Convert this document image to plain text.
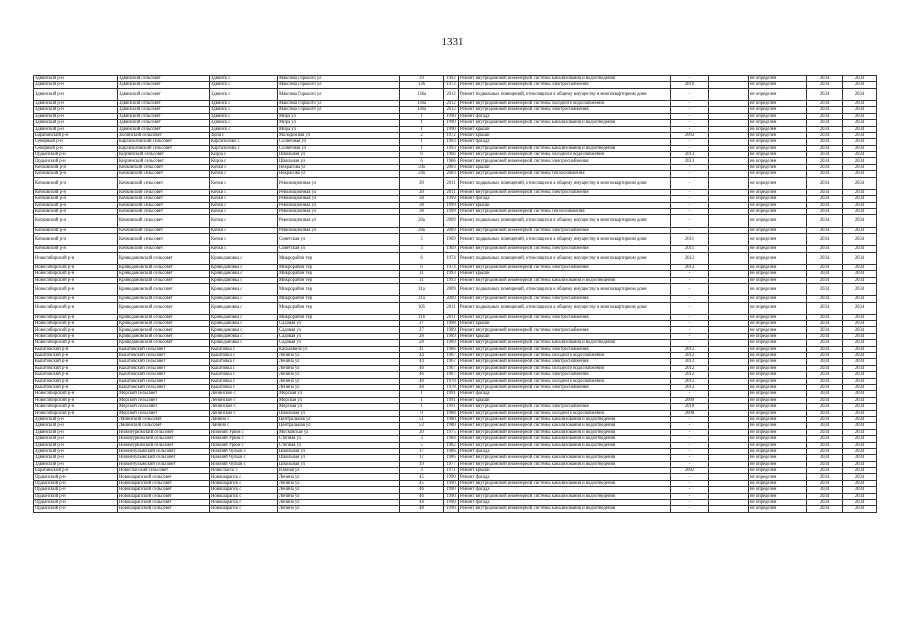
1331
Здвинский р-н	Здвинский сельсовет	Здвинск с	Максима Горького ул	39	1992	Ремонт внутридомовой инженерной системы канализования и водоотведения	-		не определен	2034	2034
Здвинский р-н	Здвинский сельсовет	Здвинск с	Максима Горького ул	136	1972	Ремонт внутридомовой инженерной системы электроснабжения	2010		не определен	2034	2034
Здвинский р-н	Здвинский сельсовет	Здвинск с	Максима Горького ул	136а	2012	Ремонт подвальных помещений, относящихся к общему имуществу в многоквартирном доме	-		не определен	2034	2034
Здвинский р-н	Здвинский сельсовет	Здвинск с	Максима Горького ул	136а	2012	Ремонт внутридомовой инженерной системы холодного водоснабжения	-		не определен	2034	2034
Здвинский р-н	Здвинский сельсовет	Здвинск с	Максима Горького ул	136а	2012	Ремонт внутридомовой инженерной системы электроснабжения	-		не определен	2034	2034
Здвинский р-н	Здвинский сельсовет	Здвинск с	Мира ул	1	1990	Ремонт фасада	-		не определен	2034	2034
Здвинский р-н	Здвинский сельсовет	Здвинск с	Мира ул	1	1990	Ремонт внутридомовой инженерной системы канализования и водоотведения	-		не определен	2034	2034
Здвинский р-н	Здвинский сельсовет	Здвинск с	Мира ул	1	1990	Ремонт крыши	-		не определен	2034	2034
Барабинский р-н	Зюзинский сельсовет	Зюзя с	Молодежная ул	2	1972	Ремонт крыши	2003		не определен	2034	2034
Северный р-н	Каргаполовский сельсовет	Каргаполово с	Солнечная ул	1	1993	Ремонт фасада	-		не определен	2034	2034
Северный р-н	Каргаполовский сельсовет	Каргаполово с	Солнечная ул	1	1993	Ремонт внутридомовой инженерной системы канализования и водоотведения	-		не определен	2034	2034
Ордынский р-н	Кирзинский сельсовет	Кирза с	Школьная ул	6	1966	Ремонт внутридомовой инженерной системы холодного водоснабжения	2013		не определен	2034	2034
Ордынский р-н	Кирзинский сельсовет	Кирза с	Школьная ул	6	1966	Ремонт внутридомовой инженерной системы электроснабжения	2013		не определен	2034	2034
Кочковский р-н	Кочковский сельсовет	Кочки с	Некрасова ул	59а	2003	Ремонт крыши	-		не определен	2034	2034
Кочковский р-н	Кочковский сельсовет	Кочки с	Некрасова ул	59а	2003	Ремонт внутридомовой инженерной системы теплоснабжения	-		не определен	2034	2034
Кочковский р-н	Кочковский сельсовет	Кочки с	Революционная ул	20	2011	Ремонт подвальных помещений, относящихся к общему имуществу в многоквартирном доме	-		не определен	2034	2034
Кочковский р-н	Кочковский сельсовет	Кочки с	Революционная ул	20	2011	Ремонт внутридомовой инженерной системы электроснабжения	-		не определен	2034	2034
Кочковский р-н	Кочковский сельсовет	Кочки с	Революционная ул	38	1999	Ремонт фасада	-		не определен	2034	2034
Кочковский р-н	Кочковский сельсовет	Кочки с	Революционная ул	38	1999	Ремонт крыши	-		не определен	2034	2034
Кочковский р-н	Кочковский сельсовет	Кочки с	Революционная ул	38	1999	Ремонт внутридомовой инженерной системы теплоснабжения	-		не определен	2034	2034
Кочковский р-н	Кочковский сельсовет	Кочки с	Революционная ул	20а	2009	Ремонт подвальных помещений, относящихся к общему имуществу в многоквартирном доме	-		не определен	2034	2034
Кочковский р-н	Кочковский сельсовет	Кочки с	Революционная ул	20а	2009	Ремонт внутридомовой инженерной системы электроснабжения	-		не определен	2034	2034
Кочковский р-н	Кочковский сельсовет	Кочки с	Советская ул	3	1969	Ремонт подвальных помещений, относящихся к общему имуществу в многоквартирном доме	2011		не определен	2034	2034
Кочковский р-н	Кочковский сельсовет	Кочки с	Советская ул	3	1969	Ремонт внутридомовой инженерной системы электроснабжения	2011		не определен	2034	2034
Новосибирский р-н	Криводановский сельсовет	Криводановка с	Микрорайон тер	6	1974	Ремонт подвальных помещений, относящихся к общему имуществу в многоквартирном доме	2012		не определен	2034	2034
Новосибирский р-н	Криводановский сельсовет	Криводановка с	Микрорайон тер	6	1974	Ремонт внутридомовой инженерной системы электроснабжения	2012		не определен	2034	2034
Новосибирский р-н	Криводановский сельсовет	Криводановка с	Микрорайон тер	31	1993	Ремонт крыши	-		не определен	2034	2034
Новосибирский р-н	Криводановский сельсовет	Криводановка с	Микрорайон тер	31	1993	Ремонт внутридомовой инженерной системы канализования и водоотведения	-		не определен	2034	2034
Новосибирский р-н	Криводановский сельсовет	Криводановка с	Микрорайон тер	31а	2009	Ремонт подвальных помещений, относящихся к общему имуществу в многоквартирном доме	-		не определен	2034	2034
Новосибирский р-н	Криводановский сельсовет	Криводановка с	Микрорайон тер	31а	2009	Ремонт внутридомовой инженерной системы электроснабжения	-		не определен	2034	2034
Новосибирский р-н	Криводановский сельсовет	Криводановка с	Микрорайон тер	105	2011	Ремонт подвальных помещений, относящихся к общему имуществу в многоквартирном доме	-		не определен	2034	2034
Новосибирский р-н	Криводановский сельсовет	Криводановка с	Микрорайон тер	116	2011	Ремонт внутридомовой инженерной системы электроснабжения	-		не определен	2034	2034
Новосибирский р-н	Криводановский сельсовет	Криводановка с	Садовая ул	27	1998	Ремонт крыши	-		не определен	2034	2034
Новосибирский р-н	Криводановский сельсовет	Криводановка с	Садовая ул	27	1989	Ремонт внутридомовой инженерной системы электроснабжения	-		не определен	2034	2034
Новосибирский р-н	Криводановский сельсовет	Криводановка с	Садовая ул	28	1989	Ремонт крыши	-		не определен	2034	2034
Новосибирский р-н	Криводановский сельсовет	Криводановка с	Садовая ул	28	1989	Ремонт внутридомовой инженерной системы канализования и водоотведения	-		не определен	2034	2034
Кыштовский р-н	Кыштовский сельсовет	Кыштовка с	Каскаевича ул	41	1966	Ремонт внутридомовой инженерной системы электроснабжения	2012		не определен	2034	2034
Кыштовский р-н	Кыштовский сельсовет	Кыштовка с	Ленина ул	44	1967	Ремонт внутридомовой инженерной системы холодного водоснабжения	2012		не определен	2034	2034
Кыштовский р-н	Кыштовский сельсовет	Кыштовка с	Ленина ул	44	1967	Ремонт внутридомовой инженерной системы электроснабжения	2012		не определен	2034	2034
Кыштовский р-н	Кыштовский сельсовет	Кыштовка с	Ленина ул	46	1967	Ремонт внутридомовой инженерной системы холодного водоснабжения	2012		не определен	2034	2034
Кыштовский р-н	Кыштовский сельсовет	Кыштовка с	Ленина ул	46	1967	Ремонт внутридомовой инженерной системы электроснабжения	2012		не определен	2034	2034
Кыштовский р-н	Кыштовский сельсовет	Кыштовка с	Ленина ул	48	1978	Ремонт внутридомовой инженерной системы холодного водоснабжения	2012		не определен	2034	2034
Кыштовский р-н	Кыштовский сельсовет	Кыштовка с	Ленина ул	48	1978	Ремонт внутридомовой инженерной системы электроснабжения	2012		не определен	2034	2034
Новосибирский р-н	Морской сельсовет	Ленинское с	Морская ул	1	1991	Ремонт фасада	-		не определен	2034	2034
Новосибирский р-н	Морской сельсовет	Ленинское с	Морская ул	1	1991	Ремонт крыши	2009		не определен	2034	2034
Новосибирский р-н	Морской сельсовет	Ленинское с	Морская ул	1	1991	Ремонт внутридомовой инженерной системы электроснабжения	2010		не определен	2034	2034
Новосибирский р-н	Морской сельсовет	Ленинское с	Школьная ул	9	1988	Ремонт внутридомовой инженерной системы холодного водоснабжения	2008		не определен	2034	2034
Здвинский р-н	Лянинский сельсовет	Лянино с	Центральная ул	51	1980	Ремонт внутридомовой инженерной системы канализования и водоотведения	-		не определен	2034	2034
Здвинский р-н	Лянинский сельсовет	Лянино с	Центральная ул	53	1980	Ремонт внутридомовой инженерной системы канализования и водоотведения	-		не определен	2034	2034
Здвинский р-н	Нижнеурюмский сельсовет	Нижний Урюм с	Московская ул	20	1975	Ремонт внутридомовой инженерной системы канализования и водоотведения	-		не определен	2034	2034
Здвинский р-н	Нижнеурюмский сельсовет	Нижний Урюм с	Степная ул	3	1984	Ремонт внутридомовой инженерной системы канализования и водоотведения	-		не определен	2034	2034
Здвинский р-н	Нижнеурюмский сельсовет	Нижний Урюм с	Степная ул	5	1982	Ремонт внутридомовой инженерной системы канализования и водоотведения	-		не определен	2034	2034
Здвинский р-н	Нижнечулымский сельсовет	Нижний Чулым с	Школьная ул	17	1986	Ремонт фасада	-		не определен	2034	2034
Здвинский р-н	Нижнечулымский сельсовет	Нижний Чулым с	Школьная ул	17	1986	Ремонт внутридомовой инженерной системы канализования и водоотведения	-		не определен	2034	2034
Здвинский р-н	Нижнечулымский сельсовет	Нижний Чулым с	Школьная ул	19	1977	Ремонт внутридомовой инженерной системы канализования и водоотведения	-		не определен	2034	2034
Барабинский р-н	Новоспасский сельсовет	Новоспасск с	Южная ул	3	1971	Ремонт крыши	2002		не определен	2034	2034
Ордынский р-н	Новошарапский сельсовет	Новошарапск с	Ленина ул	45	1990	Ремонт фасада	-		не определен	2034	2034
Ордынский р-н	Новошарапский сельсовет	Новошарапск с	Ленина ул	45	1990	Ремонт внутридомовой инженерной системы канализования и водоотведения	-		не определен	2034	2034
Ордынский р-н	Новошарапский сельсовет	Новошарапск с	Ленина ул	46	1990	Ремонт фасада	-		не определен	2034	2034
Ордынский р-н	Новошарапский сельсовет	Новошарапск с	Ленина ул	46	1990	Ремонт внутридомовой инженерной системы канализования и водоотведения	-		не определен	2034	2034
Ордынский р-н	Новошарапский сельсовет	Новошарапск с	Ленина ул	48	1990	Ремонт фасада	-		не определен	2034	2034
Ордынский р-н	Новошарапский сельсовет	Новошарапск с	Ленина ул	48	1990	Ремонт внутридомовой инженерной системы канализования и водоотведения	-		не определен	2034	2034
